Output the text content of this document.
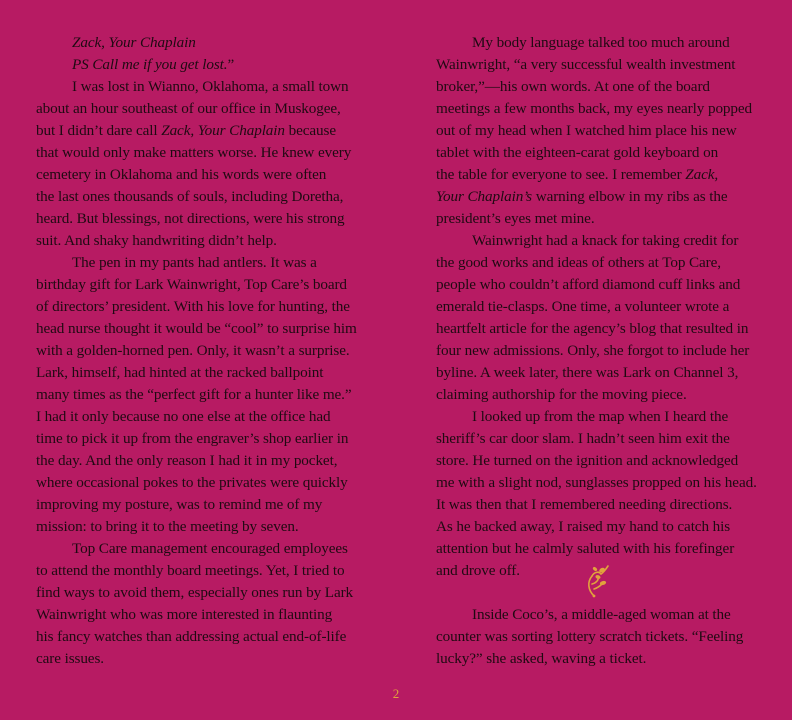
Zack, Your Chaplain
PS Call me if you get lost.”
I was lost in Wianno, Oklahoma, a small town
about an hour southeast of our office in Muskogee,
but I didn’t dare call Zack, Your Chaplain because
that would only make matters worse. He knew every
cemetery in Oklahoma and his words were often
the last ones thousands of souls, including Doretha,
heard. But blessings, not directions, were his strong
suit. And shaky handwriting didn’t help.
The pen in my pants had antlers. It was a
birthday gift for Lark Wainwright, Top Care’s board
of directors’ president. With his love for hunting, the
head nurse thought it would be “cool” to surprise him
with a golden-horned pen. Only, it wasn’t a surprise.
Lark, himself, had hinted at the racked ballpoint
many times as the “perfect gift for a hunter like me.”
I had it only because no one else at the office had
time to pick it up from the engraver’s shop earlier in
the day. And the only reason I had it in my pocket,
where occasional pokes to the privates were quickly
improving my posture, was to remind me of my
mission: to bring it to the meeting by seven.
Top Care management encouraged employees
to attend the monthly board meetings. Yet, I tried to
find ways to avoid them, especially ones run by Lark
Wainwright who was more interested in flaunting
his fancy watches than addressing actual end-of-life
care issues.
My body language talked too much around
Wainwright, “a very successful wealth investment
broker,”—his own words. At one of the board
meetings a few months back, my eyes nearly popped
out of my head when I watched him place his new
tablet with the eighteen-carat gold keyboard on
the table for everyone to see. I remember Zack,
Your Chaplain’s warning elbow in my ribs as the
president’s eyes met mine.
Wainwright had a knack for taking credit for
the good works and ideas of others at Top Care,
people who couldn’t afford diamond cuff links and
emerald tie-clasps. One time, a volunteer wrote a
heartfelt article for the agency’s blog that resulted in
four new admissions. Only, she forgot to include her
byline. A week later, there was Lark on Channel 3,
claiming authorship for the moving piece.
I looked up from the map when I heard the
sheriff’s car door slam. I hadn’t seen him exit the
store. He turned on the ignition and acknowledged
me with a slight nod, sunglasses propped on his head.
It was then that I remembered needing directions.
As he backed away, I raised my hand to catch his
attention but he calmly saluted with his forefinger
and drove off.
Inside Coco’s, a middle-aged woman at the
counter was sorting lottery scratch tickets. “Feeling
lucky?” she asked, waving a ticket.
2
